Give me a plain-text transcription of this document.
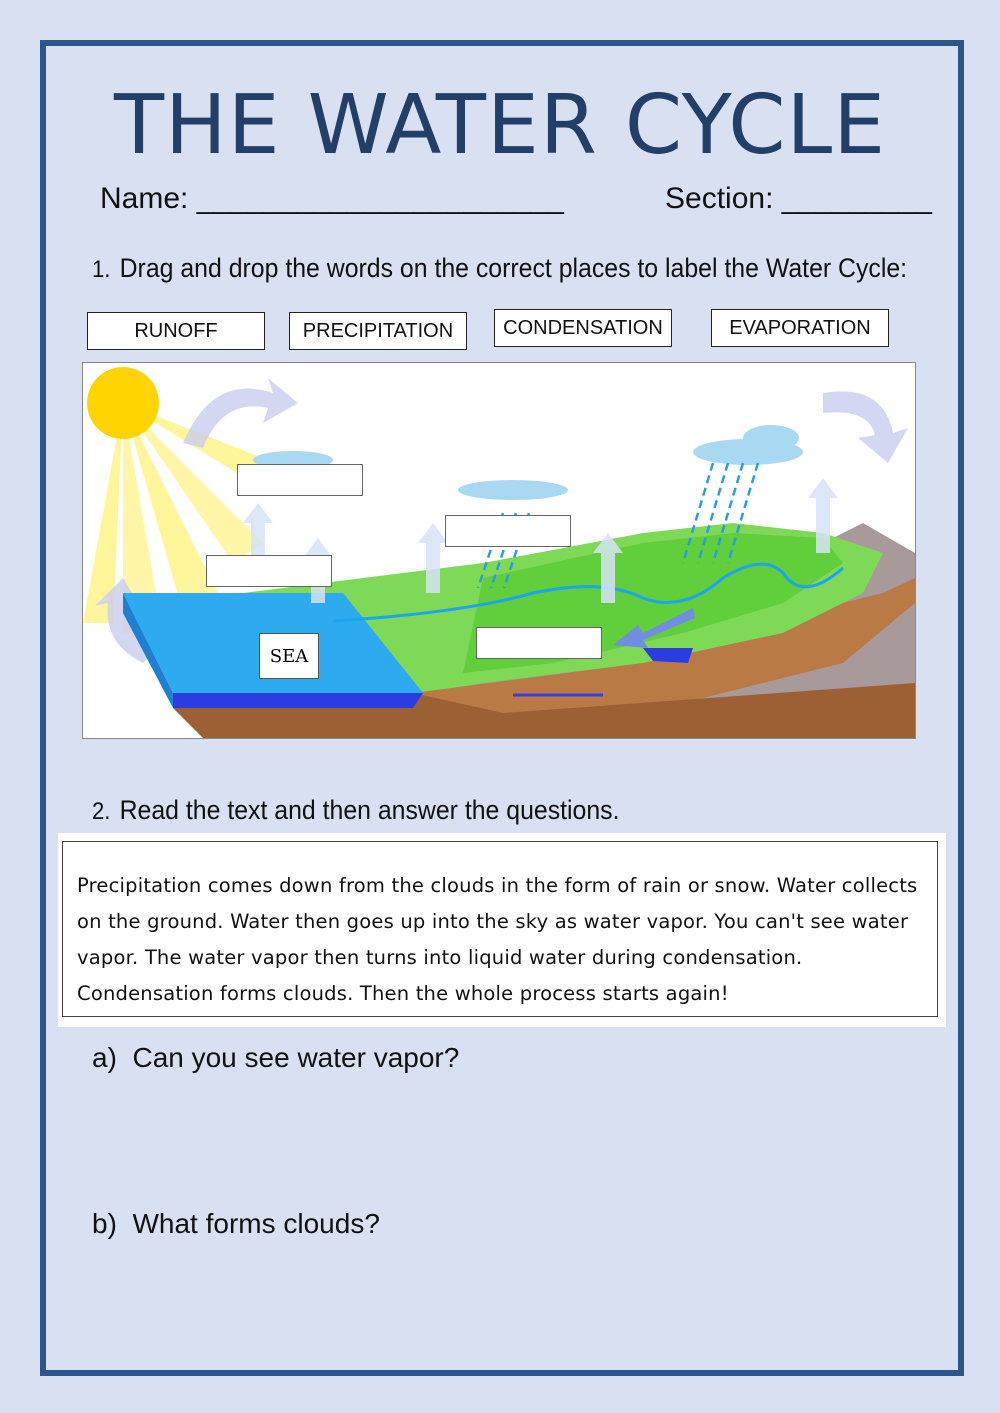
THE WATER CYCLE
Name: ______________________	Section: _________
1. Drag and drop the words on the correct places to label the Water Cycle:
RUNOFF	PRECIPITATION	CONDENSATION	EVAPORATION
SEA
2. Read the text and then answer the questions.
Precipitation comes down from the clouds in the form of rain or snow. Water collects on the ground. Water then goes up into the sky as water vapor. You can't see water vapor. The water vapor then turns into liquid water during condensation. Condensation forms clouds. Then the whole process starts again!
a) Can you see water vapor?
b) What forms clouds?
